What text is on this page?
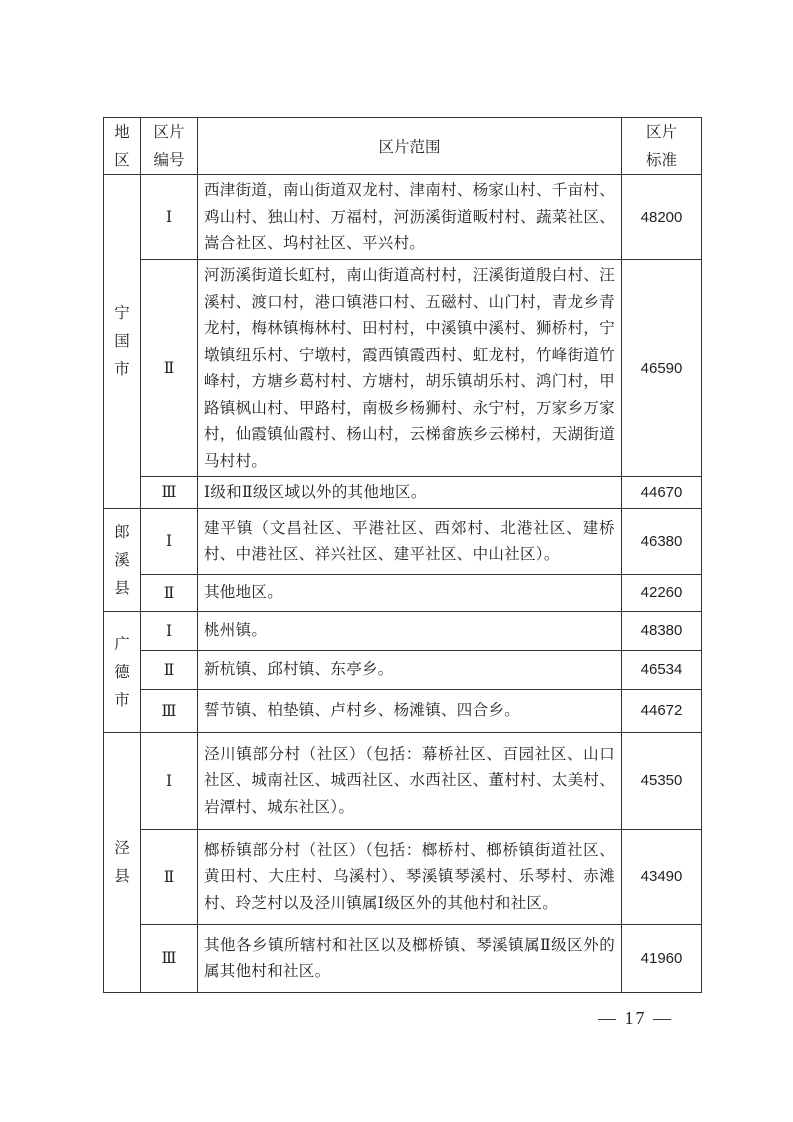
地区	区片编号	区片范围	区片标准
宁国市	Ⅰ	西津街道，南山街道双龙村、津南村、杨家山村、千亩村、鸡山村、独山村、万福村，河沥溪街道畈村村、蔬菜社区、嵩合社区、坞村社区、平兴村。	48200
	Ⅱ	河沥溪街道长虹村，南山街道高村村，汪溪街道殷白村、汪溪村、渡口村，港口镇港口村、五磁村、山门村，青龙乡青龙村，梅林镇梅林村、田村村，中溪镇中溪村、狮桥村，宁墩镇纽乐村、宁墩村，霞西镇霞西村、虹龙村，竹峰街道竹峰村，方塘乡葛村村、方塘村，胡乐镇胡乐村、鸿门村，甲路镇枫山村、甲路村，南极乡杨狮村、永宁村，万家乡万家村，仙霞镇仙霞村、杨山村，云梯畲族乡云梯村，天湖街道马村村。	46590
	Ⅲ	Ⅰ级和Ⅱ级区域以外的其他地区。	44670
郎溪县	Ⅰ	建平镇（文昌社区、平港社区、西郊村、北港社区、建桥村、中港社区、祥兴社区、建平社区、中山社区）。	46380
	Ⅱ	其他地区。	42260
广德市	Ⅰ	桃州镇。	48380
	Ⅱ	新杭镇、邱村镇、东亭乡。	46534
	Ⅲ	誓节镇、柏垫镇、卢村乡、杨滩镇、四合乡。	44672
泾县	Ⅰ	泾川镇部分村（社区）（包括：幕桥社区、百园社区、山口社区、城南社区、城西社区、水西社区、董村村、太美村、岩潭村、城东社区）。	45350
	Ⅱ	榔桥镇部分村（社区）（包括：榔桥村、榔桥镇街道社区、黄田村、大庄村、乌溪村）、琴溪镇琴溪村、乐琴村、赤滩村、玲芝村以及泾川镇属Ⅰ级区外的其他村和社区。	43490
	Ⅲ	其他各乡镇所辖村和社区以及榔桥镇、琴溪镇属Ⅱ级区外的属其他村和社区。	41960
— 17 —
